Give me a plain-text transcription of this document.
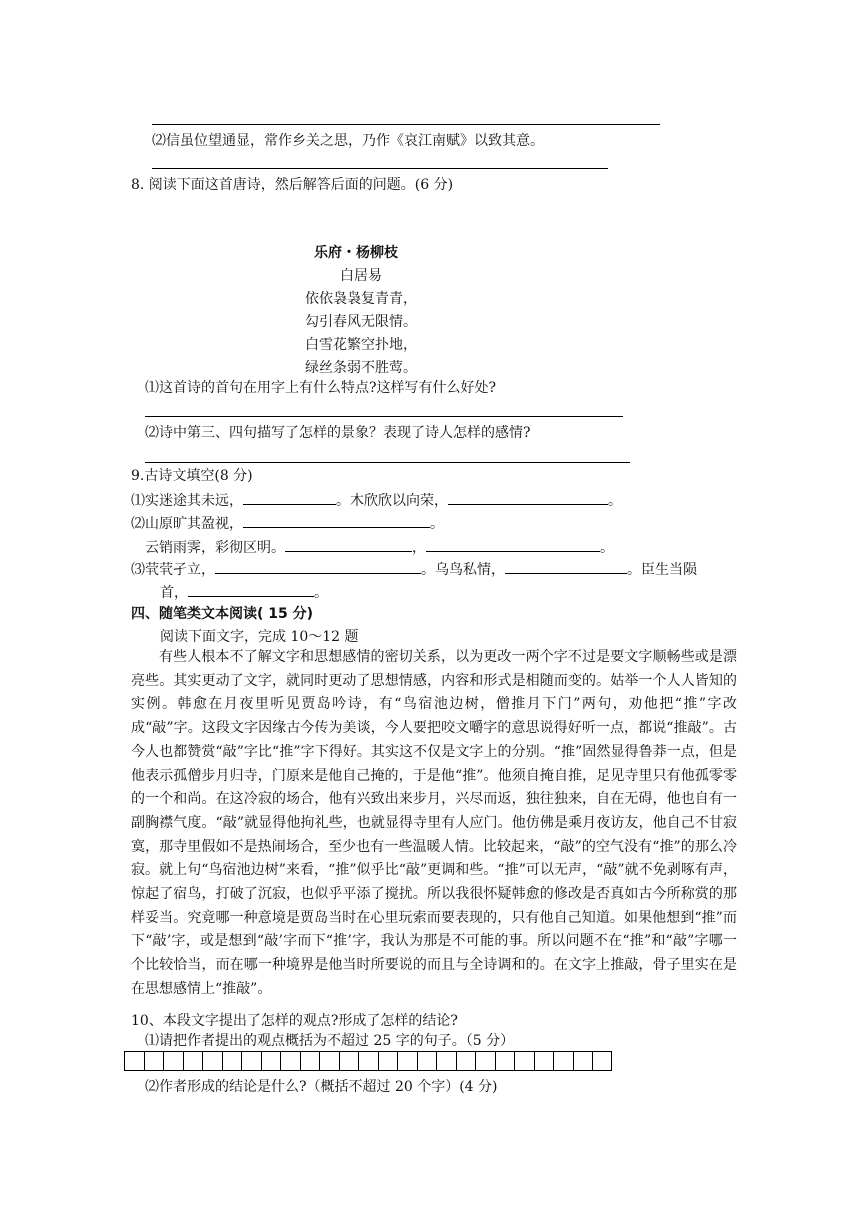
⑵信虽位望通显，常作乡关之思，乃作《哀江南赋》以致其意。
8. 阅读下面这首唐诗，然后解答后面的问题。(6 分)
乐府・杨柳枝
白居易
依依袅袅复青青，
勾引春风无限情。
白雪花繁空扑地，
绿丝条弱不胜莺。
⑴这首诗的首句在用字上有什么特点?这样写有什么好处?
⑵诗中第三、四句描写了怎样的景象？表现了诗人怎样的感情?
9.古诗文填空(8 分)
⑴实迷途其未远，	。木欣欣以向荣，	。
⑵山原旷其盈视，	。
云销雨霁，彩彻区明。	，	。
⑶茕茕孑立，	。乌鸟私情，	。臣生当陨
首，	。
四、随笔类文本阅读( 15 分)
阅读下面文字，完成 10～12 题
有些人根本不了解文字和思想感情的密切关系，以为更改一两个字不过是要文字顺畅些或是漂亮些。其实更动了文字，就同时更动了思想情感，内容和形式是相随而变的。姑举一个人人皆知的实例。韩愈在月夜里听见贾岛吟诗，有“鸟宿池边树，僧推月下门”两句，劝他把“推”字改成“敲”字。这段文字因缘古今传为美谈，今人要把咬文嚼字的意思说得好听一点，都说“推敲”。古今人也都赞赏“敲”字比“推”字下得好。其实这不仅是文字上的分别。“推”固然显得鲁莽一点，但是他表示孤僧步月归寺，门原来是他自己掩的，于是他“推”。他须自掩自推，足见寺里只有他孤零零的一个和尚。在这冷寂的场合，他有兴致出来步月，兴尽而返，独往独来，自在无碍，他也自有一副胸襟气度。“敲”就显得他拘礼些，也就显得寺里有人应门。他仿佛是乘月夜访友，他自己不甘寂寞，那寺里假如不是热闹场合，至少也有一些温暖人情。比较起来，“敲”的空气没有“推”的那么冷寂。就上句“鸟宿池边树”来看，“推”似乎比“敲”更调和些。“推”可以无声，“敲”就不免剥啄有声，惊起了宿鸟，打破了沉寂，也似乎平添了搅扰。所以我很怀疑韩愈的修改是否真如古今所称赏的那样妥当。究竟哪一种意境是贾岛当时在心里玩索而要表现的，只有他自己知道。如果他想到“推”而下“敲’字，或是想到“敲’字而下“推’字，我认为那是不可能的事。所以问题不在“推”和“敲”字哪一个比较恰当，而在哪一种境界是他当时所要说的而且与全诗调和的。在文字上推敲，骨子里实在是在思想感情上“推敲”。
10、本段文字提出了怎样的观点?形成了怎样的结论?
⑴请把作者提出的观点概括为不超过 25 字的句子。（5 分）
⑵作者形成的结论是什么?（概括不超过 20 个字）(4 分)
